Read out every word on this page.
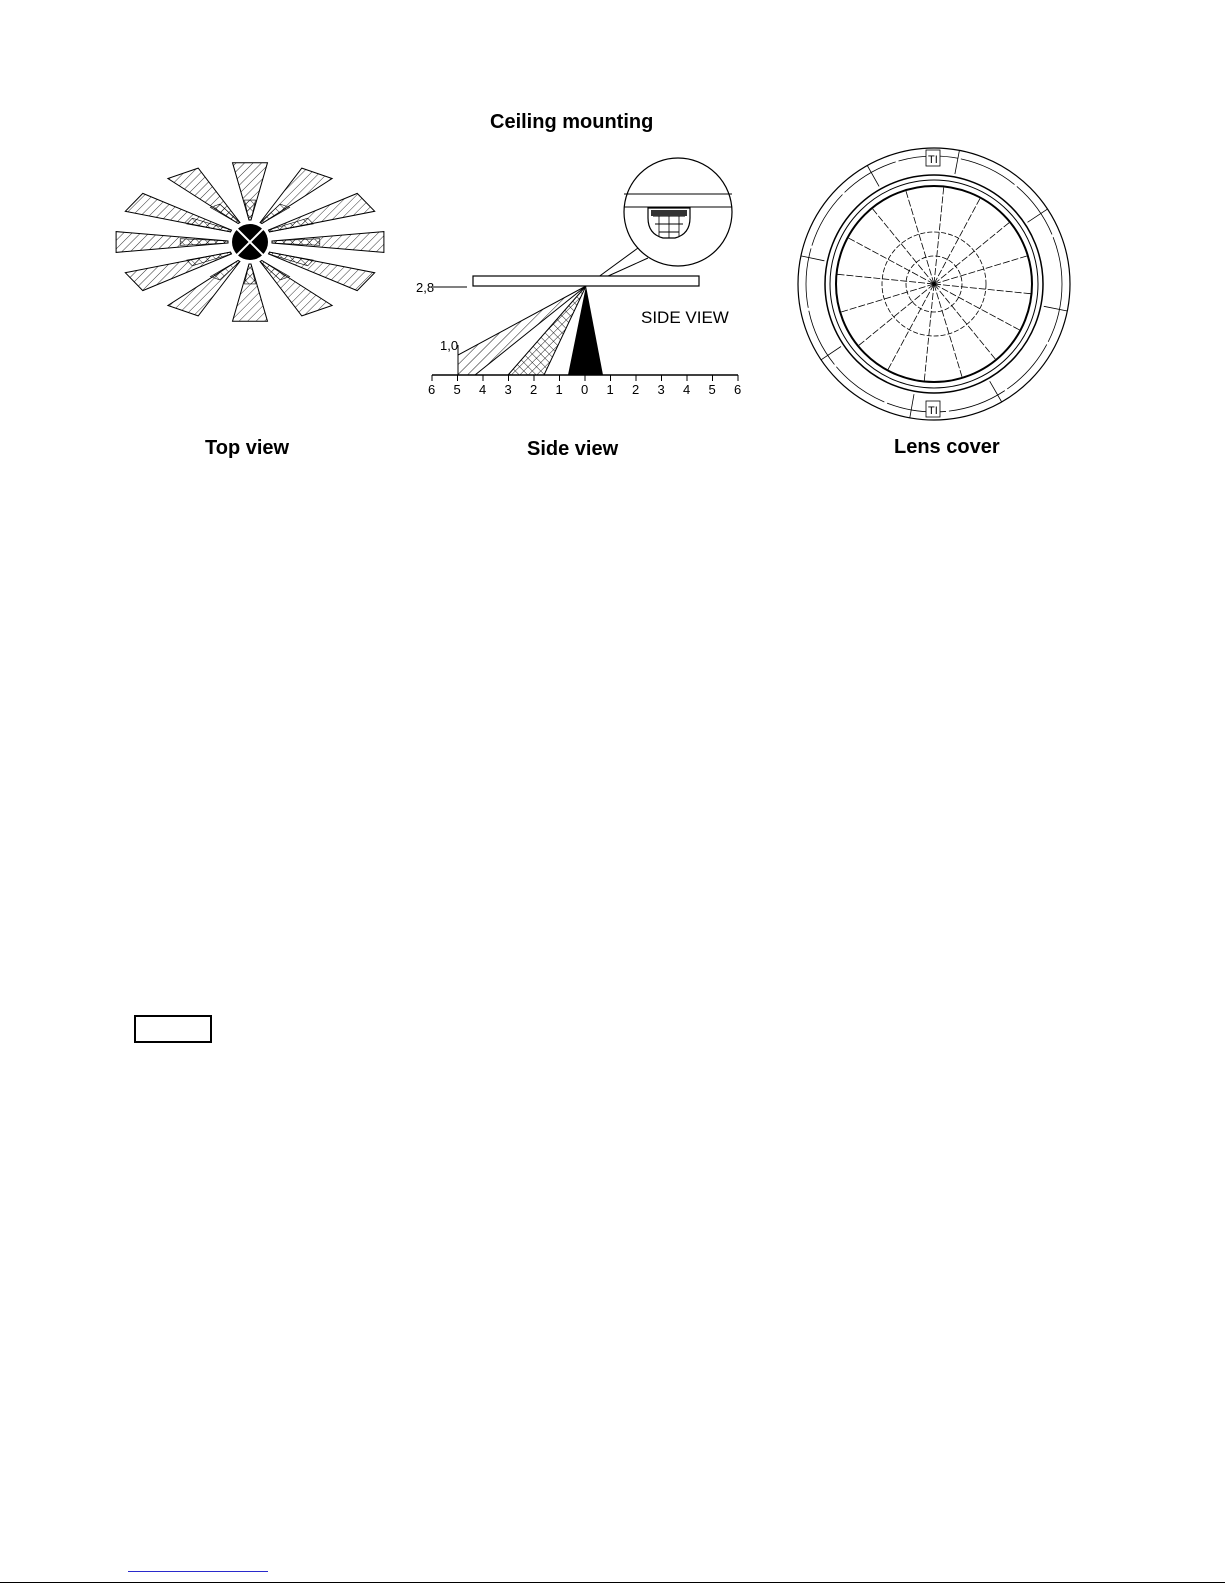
Ceiling mounting
2,8
1,0
SIDE VIEW
6 5 4 3 2 1 0 1 2 3 4 5 6
TI
TI
Top view	Side view	Lens cover
